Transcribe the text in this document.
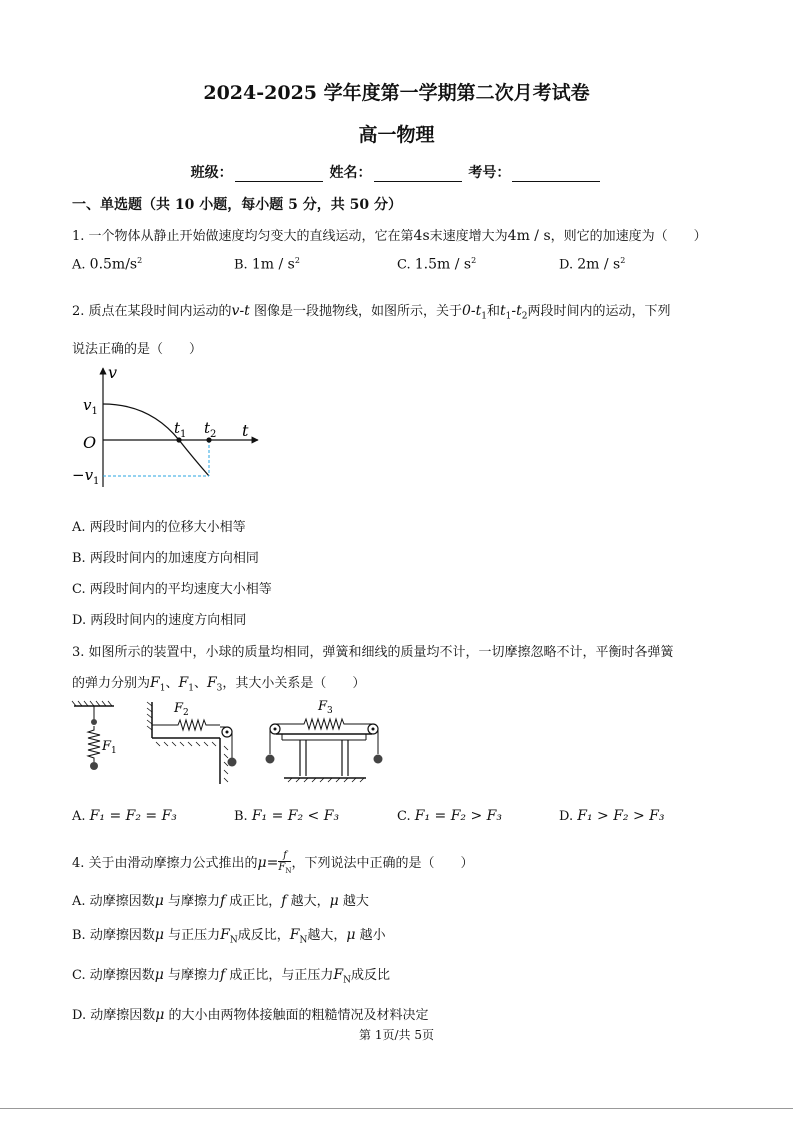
2024-2025 学年度第一学期第二次月考试卷
高一物理
班级：	姓名：	考号：
一、单选题（共 10 小题，每小题 5 分，共 50 分）
1. 一个物体从静止开始做速度均匀变大的直线运动，它在第4s末速度增大为4m / s，则它的加速度为（　　）
A. $0.5m/s^2$	B. $1m / s^2$	C. $1.5m / s^2$	D. $2m / s^2$
2. 质点在某段时间内运动的v-t 图像是一段抛物线，如图所示，关于$0-t_1$和$t_1-t_2$两段时间内的运动，下列
说法正确的是（　　）
v
t
O
$v_1$
$-v_1$
$t_1$ $t_2$
A. 两段时间内的位移大小相等
B. 两段时间内的加速度方向相同
C. 两段时间内的平均速度大小相等
D. 两段时间内的速度方向相同
3. 如图所示的装置中，小球的质量均相同，弹簧和细线的质量均不计，一切摩擦忽略不计，平衡时各弹簧
的弹力分别为$F_1$、$F_1$、$F_3$，其大小关系是（　　）
$F_1$
$F_2$	$F_3$
A. F₁ = F₂ = F₃	B. F₁ = F₂ < F₃	C. F₁ = F₂ > F₃	D. F₁ > F₂ > F₃
4. 关于由滑动摩擦力公式推出的$\mu= \frac{f}{F_N}$ ，下列说法中正确的是（　　）
A. 动摩擦因数μ 与摩擦力f 成正比，f 越大，μ 越大
B. 动摩擦因数μ 与正压力$F_N$成反比，$F_N$越大，μ 越小
C. 动摩擦因数μ 与摩擦力f 成正比，与正压力$F_N$成反比
D. 动摩擦因数μ 的大小由两物体接触面的粗糙情况及材料决定
第 1页/共 5页
